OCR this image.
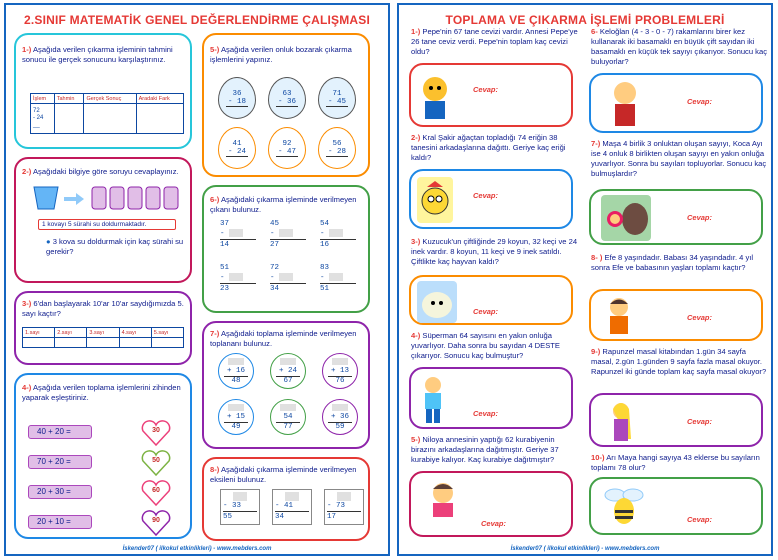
2.SINIF MATEMATİK GENEL DEĞERLENDİRME ÇALIŞMASI
1-) Aşağıda verilen çıkarma işleminin tahmini sonucu ile gerçek sonucunu karşılaştırınız.
İşlem	Tahmin	Gerçek Sonuç	Aradaki Fark
72
- 24
__			
2-) Aşağıdaki bilgiye göre soruyu cevaplayınız.
1 kovayı 5 sürahi su doldurmaktadır.
● 3 kova su doldurmak için kaç sürahi su gerekir?
3-) 6'dan başlayarak 10'ar 10'ar saydığımızda 5. sayı kaçtır?
1.sayı	2.sayı	3.sayı	4.sayı	5.sayı

4-) Aşağıda verilen toplama işlemlerini zihinden yaparak eşleştiriniz.
40 + 20 =
70 + 20 =
20 + 30 =
20 + 10 =
30
50
60
90
5-) Aşağıda verilen onluk bozarak çıkarma işlemlerini yapınız.
36
- 18
63
- 36
71
- 45
41
- 24
92
- 47
56
- 28
6-) Aşağıdaki çıkarma işleminde verilmeyen çıkanı bulunuz.
37
-
14
45
-
27
54
-
16
51
-
23
72
-
34
83
-
51
7-) Aşağıdaki toplama işleminde verilmeyen toplananı bulunuz.
+ 16
48
+ 24
67
+ 13
76
+ 15
49
54
77
+ 36
59
8-) Aşağıdaki çıkarma işleminde verilmeyen eksileni bulunuz.
- 33
55
- 41
34
- 73
17
İskender07 ( ilkokul etkinlikleri) - www.mebders.com
TOPLAMA VE ÇIKARMA İŞLEMİ PROBLEMLERİ
1-) Pepe'nin 67 tane cevizi vardır. Annesi Pepe'ye 26 tane ceviz verdi. Pepe'nin toplam kaç cevizi oldu?
Cevap:
2-) Kral Şakir ağaçtan topladığı 74 eriğin 38 tanesini arkadaşlarına dağıttı. Geriye kaç eriği kaldı?
Cevap:
3-) Kuzucuk'un çiftliğinde 29 koyun, 32 keçi ve 24 inek vardır. 8 koyun, 11 keçi ve 9 inek satıldı. Çiftlikte kaç hayvan kaldı?
Cevap:
4-) Süperman 64 sayısını en yakın onluğa yuvarlıyor. Daha sonra bu sayıdan 4 DESTE çıkarıyor. Sonucu kaç bulmuştur?
Cevap:
5-) Niloya annesinin yaptığı 62 kurabiyenin birazını arkadaşlarına dağıtmıştır. Geriye 37 kurabiye kalıyor. Kaç kurabiye dağıtmıştır?
Cevap:
6- Keloğlan (4 - 3 - 0 - 7) rakamlarını birer kez kullanarak iki basamaklı en büyük çift sayıdan iki basamaklı en küçük tek sayıyı çıkarıyor. Sonucu kaç buluyorlar?
Cevap:
7-) Maşa 4 birlik 3 onluktan oluşan sayıyı, Koca Ayı ise 4 onluk 8 birlikten oluşan sayıyı en yakın onluğa yuvarlıyor. Sonra bu sayıları topluyorlar. Sonucu kaç bulmuşlardır?
Cevap:
8- ) Efe 8 yaşındadır. Babası 34 yaşındadır. 4 yıl sonra Efe ve babasının yaşları toplamı kaçtır?
Cevap:
9-) Rapunzel masal kitabından 1.gün 34 sayfa masal, 2.gün 1.günden 9 sayfa fazla masal okuyor. Rapunzel iki günde toplam kaç sayfa masal okuyor?
Cevap:
10-) Arı Maya hangi sayıya 43 eklerse bu sayıların toplamı 78 olur?
Cevap:
İskender07 ( ilkokul etkinlikleri) - www.mebders.com
